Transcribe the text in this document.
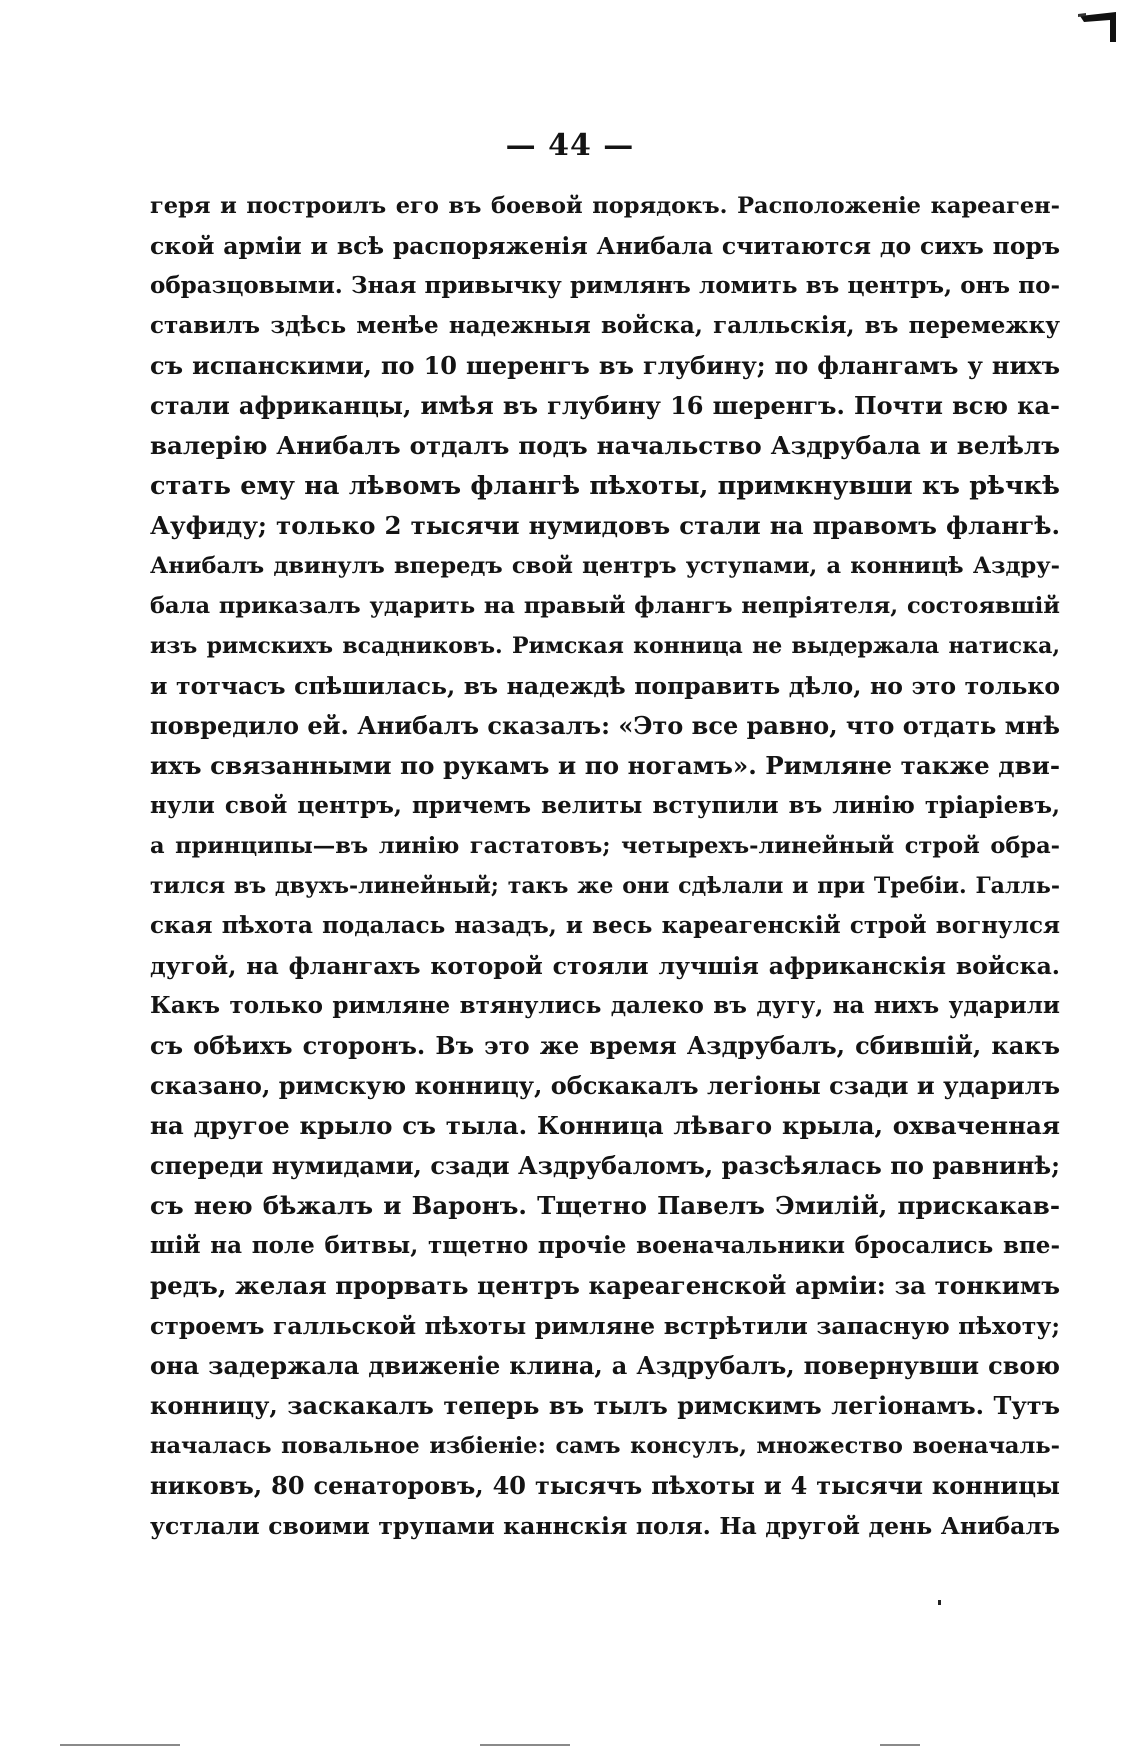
— 44 —
геря и построилъ его въ боевой порядокъ. Расположеніе кареаген-
ской арміи и всѣ распоряженія Анибала считаются до сихъ поръ
образцовыми. Зная привычку римлянъ ломить въ центръ, онъ по-
ставилъ здѣсь менѣе надежныя войска, галльскія, въ перемежку
съ испанскими, по 10 шеренгъ въ глубину; по флангамъ у нихъ
стали африканцы, имѣя въ глубину 16 шеренгъ. Почти всю ка-
валерію Анибалъ отдалъ подъ начальство Аздрубала и велѣлъ
стать ему на лѣвомъ флангѣ пѣхоты, примкнувши къ рѣчкѣ
Ауфиду; только 2 тысячи нумидовъ стали на правомъ флангѣ.
Анибалъ двинулъ впередъ свой центръ уступами, а конницѣ Аздру-
бала приказалъ ударить на правый флангъ непріятеля, состоявшій
изъ римскихъ всадниковъ. Римская конница не выдержала натиска,
и тотчасъ спѣшилась, въ надеждѣ поправить дѣло, но это только
повредило ей. Анибалъ сказалъ: «Это все равно, что отдать мнѣ
ихъ связанными по рукамъ и по ногамъ». Римляне также дви-
нули свой центръ, причемъ велиты вступили въ линію тріаріевъ,
а принципы—въ линію гастатовъ; четырехъ-линейный строй обра-
тился въ двухъ-линейный; такъ же они сдѣлали и при Требіи. Галль-
ская пѣхота подалась назадъ, и весь кареагенскій строй вогнулся
дугой, на флангахъ которой стояли лучшія африканскія войска.
Какъ только римляне втянулись далеко въ дугу, на нихъ ударили
съ обѣихъ сторонъ. Въ это же время Аздрубалъ, сбившій, какъ
сказано, римскую конницу, обскакалъ легіоны сзади и ударилъ
на другое крыло съ тыла. Конница лѣваго крыла, охваченная
спереди нумидами, сзади Аздрубаломъ, разсѣялась по равнинѣ;
съ нею бѣжалъ и Варонъ. Тщетно Павелъ Эмилій, прискакав-
шій на поле битвы, тщетно прочіе военачальники бросались впе-
редъ, желая прорвать центръ кареагенской арміи: за тонкимъ
строемъ галльской пѣхоты римляне встрѣтили запасную пѣхоту;
она задержала движеніе клина, а Аздрубалъ, повернувши свою
конницу, заскакалъ теперь въ тылъ римскимъ легіонамъ. Тутъ
началась повальное избіеніе: самъ консулъ, множество военачаль-
никовъ, 80 сенаторовъ, 40 тысячъ пѣхоты и 4 тысячи конницы
устлали своими трупами каннскія поля. На другой день Анибалъ
